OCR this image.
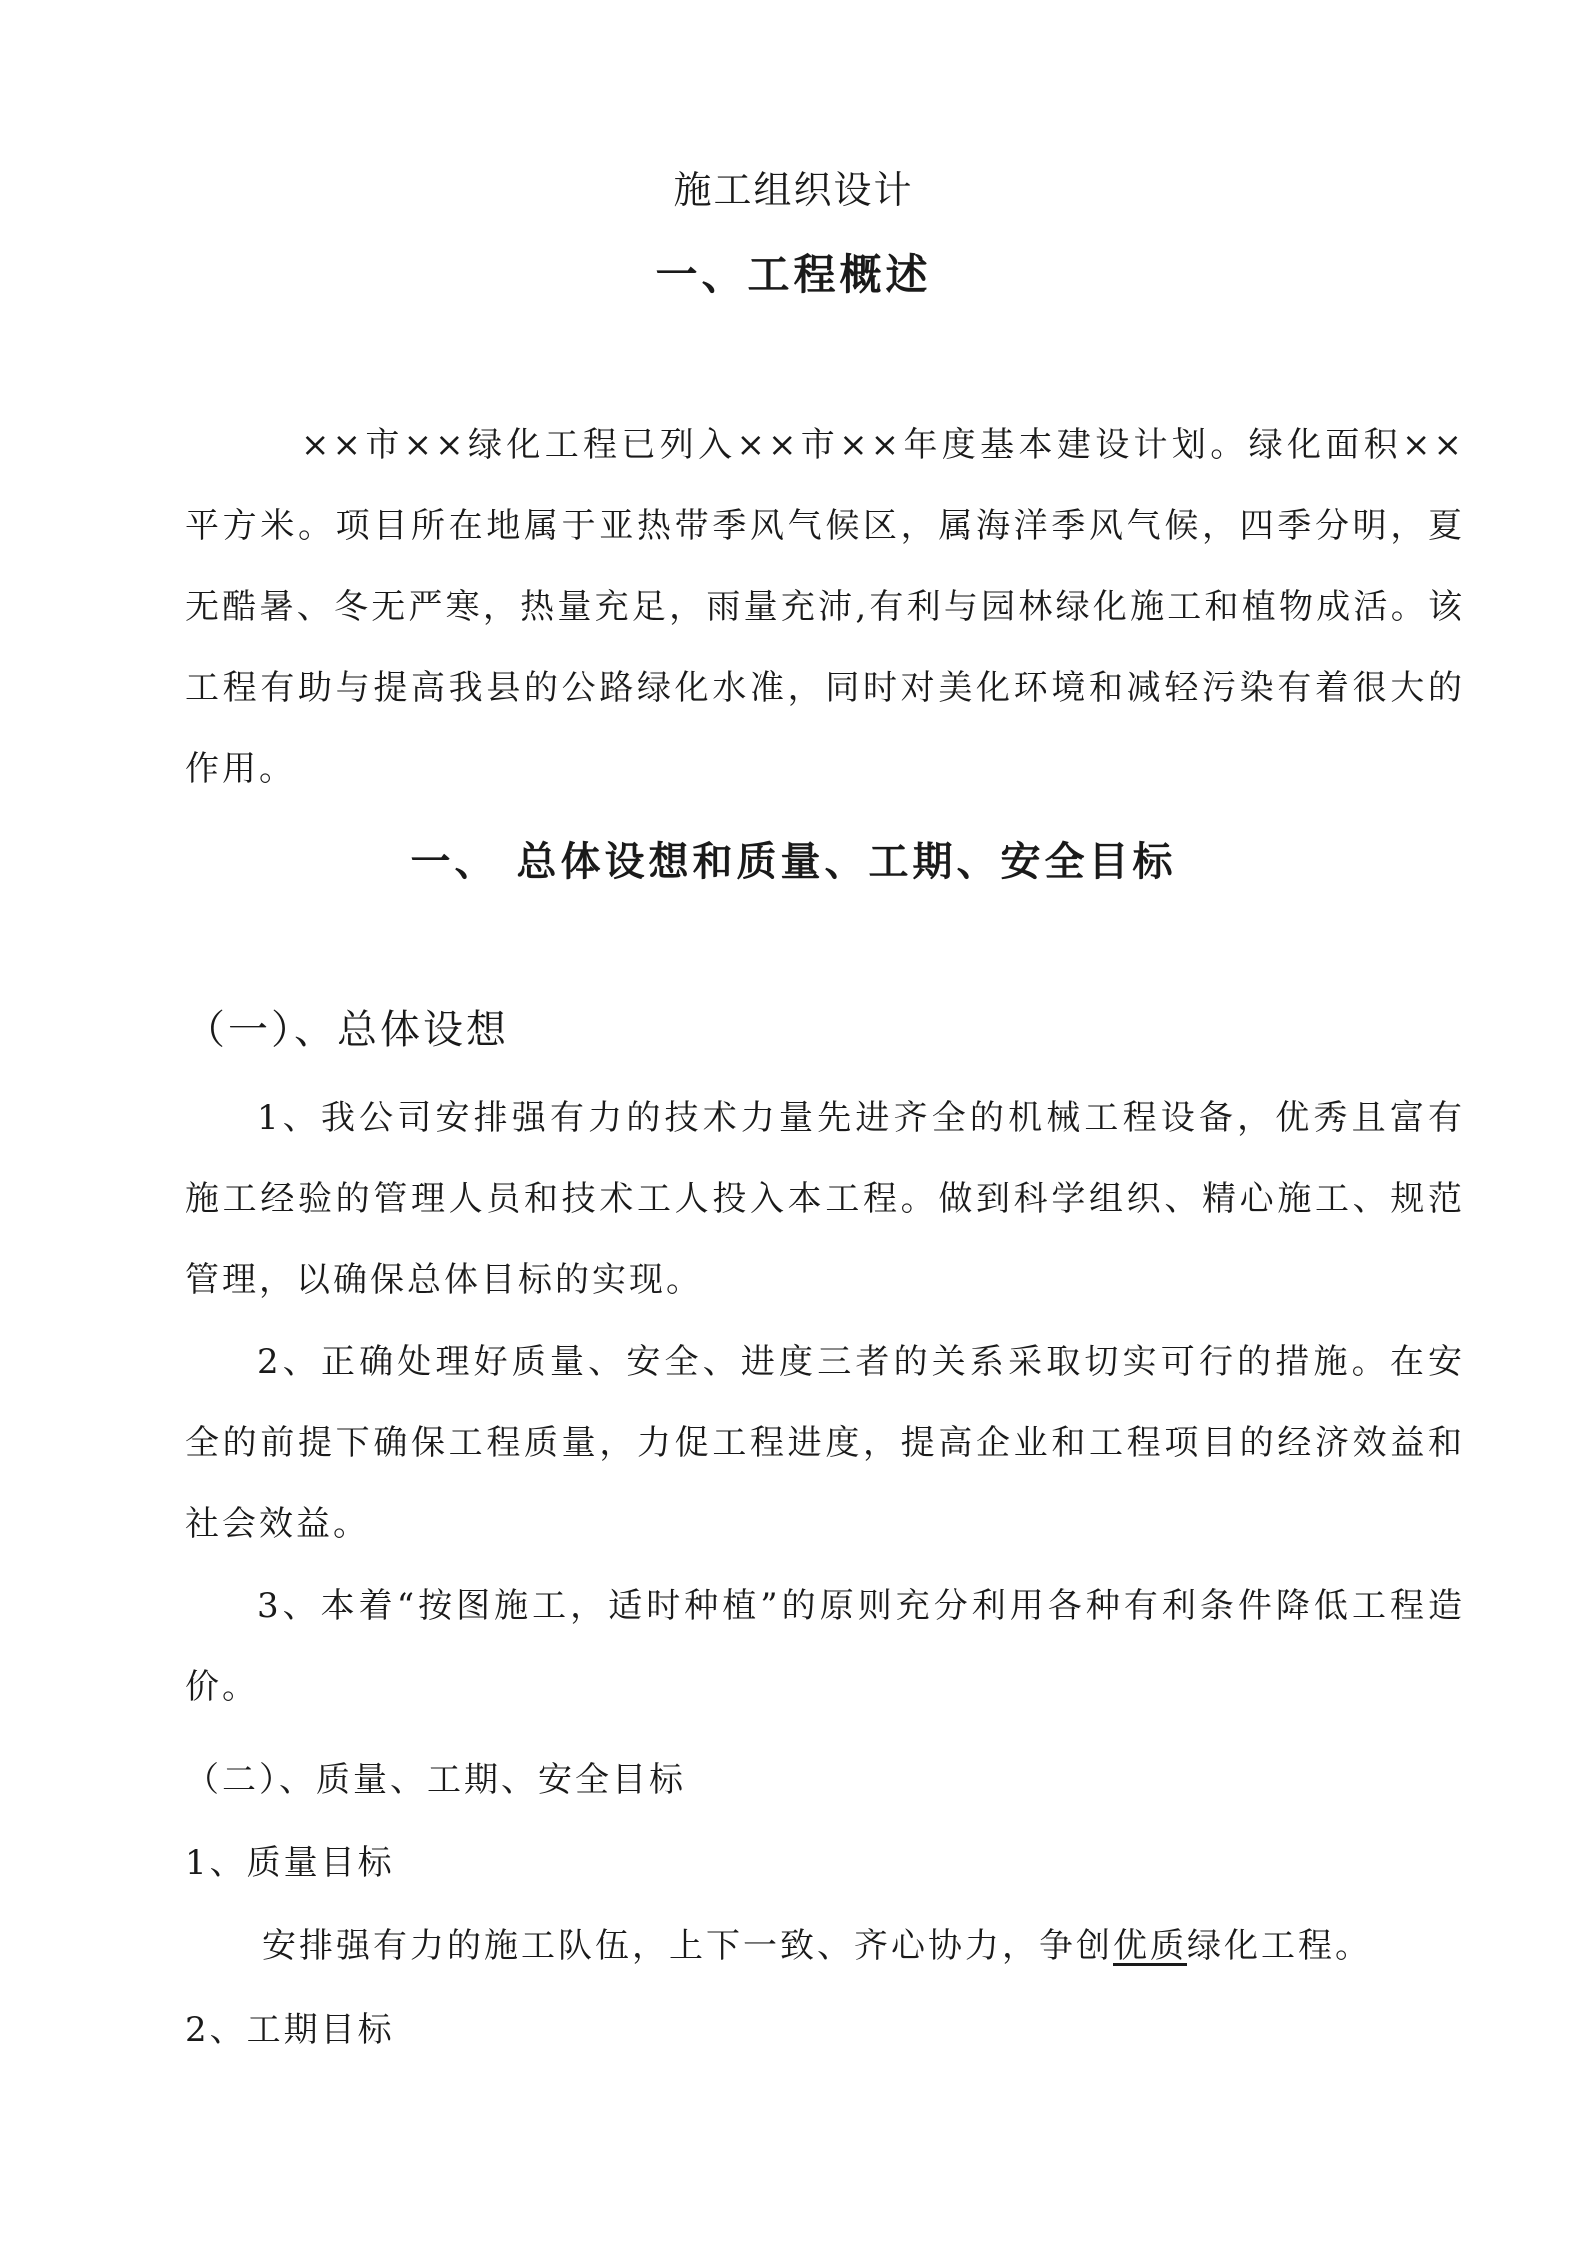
施工组织设计
一、工程概述

××市××绿化工程已列入××市××年度基本建设计划。绿化面积××平方米。项目所在地属于亚热带季风气候区，属海洋季风气候，四季分明，夏无酷暑、冬无严寒，热量充足，雨量充沛,有利与园林绿化施工和植物成活。该工程有助与提高我县的公路绿化水准，同时对美化环境和减轻污染有着很大的作用。

一、 总体设想和质量、工期、安全目标
（一）、总体设想

1、我公司安排强有力的技术力量先进齐全的机械工程设备，优秀且富有施工经验的管理人员和技术工人投入本工程。做到科学组织、精心施工、规范管理，以确保总体目标的实现。

2、正确处理好质量、安全、进度三者的关系采取切实可行的措施。在安全的前提下确保工程质量，力促工程进度，提高企业和工程项目的经济效益和社会效益。

3、本着“按图施工，适时种植”的原则充分利用各种有利条件降低工程造价。

（二）、质量、工期、安全目标
1、质量目标
安排强有力的施工队伍，上下一致、齐心协力，争创优质绿化工程。
2、工期目标
